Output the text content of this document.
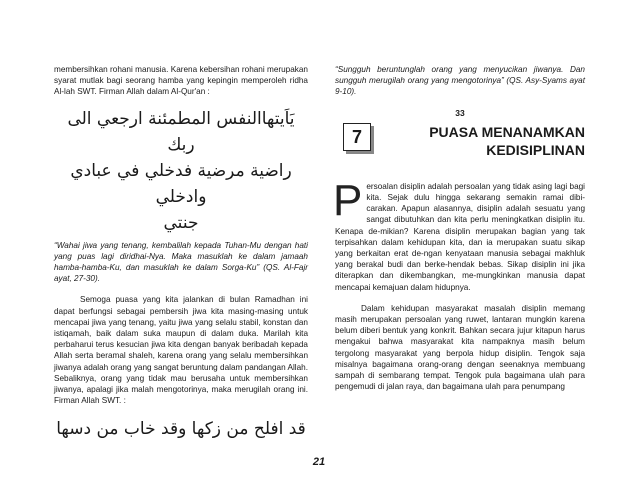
membersihkan rohani manusia. Karena kebersihan rohani merupakan syarat mutlak bagi seorang hamba yang kepingin memperoleh ridha Al-lah SWT. Firman Allah dalam Al-Qur'an :

يَاَيتهاالنفس المطمئنة ارجعي الى ربك
راضية مرضية فدخلي في عبادي وادخلي
جنتي

“Wahai jiwa yang tenang, kembalilah kepada Tuhan-Mu dengan hati yang puas lagi diridhai-Nya. Maka masuklah ke dalam jamaah hamba-hamba-Ku, dan masuklah ke dalam Sorga-Ku” (QS. Al-Fajr ayat, 27-30).

Semoga puasa yang kita jalankan di bulan Ramadhan ini dapat berfungsi sebagai pembersih jiwa kita masing-masing untuk mencapai jiwa yang tenang, yaitu jiwa yang selalu stabil, konstan dan istiqamah, baik dalam suka maupun di dalam duka. Marilah kita perbaharui terus kesucian jiwa kita dengan banyak beribadah kepada Allah serta beramal shaleh, karena orang yang selalu membersihkan jiwanya adalah orang yang sangat beruntung dalam pandangan Allah. Sebaliknya, orang yang tidak mau berusaha untuk membersihkan jiwanya, apalagi jika malah mengotorinya, maka merugilah orang ini. Firman Allah SWT. :

قد افلح من زكها وقد خاب من دسها

“Sungguh beruntunglah orang yang menyucikan jiwanya. Dan sungguh merugilah orang yang mengotorinya” (QS. Asy-Syams ayat 9-10).

33
7	PUASA MENANAMKAN
KEDISIPLINAN

Persoalan disiplin adalah persoalan yang tidak asing lagi bagi kita. Sejak dulu hingga sekarang semakin ramai dibi-carakan. Apapun alasannya, disiplin adalah sesuatu yang sangat dibutuhkan dan kita perlu meningkatkan disiplin itu. Kenapa de-mikian? Karena disiplin merupakan bagian yang tak terpisahkan dalam kehidupan kita, dan ia merupakan suatu sikap yang berkaitan erat de-ngan kenyataan manusia sebagai makhluk yang berakal budi dan berke-hendak bebas. Sikap disiplin ini jika diterapkan dan dikembangkan, me-mungkinkan manusia dapat mencapai kemajuan dalam hidupnya.

Dalam kehidupan masyarakat masalah disiplin memang masih merupakan persoalan yang ruwet, lantaran mungkin karena belum diberi bentuk yang konkrit. Bahkan secara jujur kitapun harus mengakui bahwa masyarakat kita nampaknya masih belum tergolong masyarakat yang berpola hidup disiplin. Tengok saja misalnya bagaimana orang-orang dengan seenaknya membuang sampah di sembarang tempat. Tengok pula bagaimana ulah para pengemudi di jalan raya, dan bagaimana ulah para penumpang

21
